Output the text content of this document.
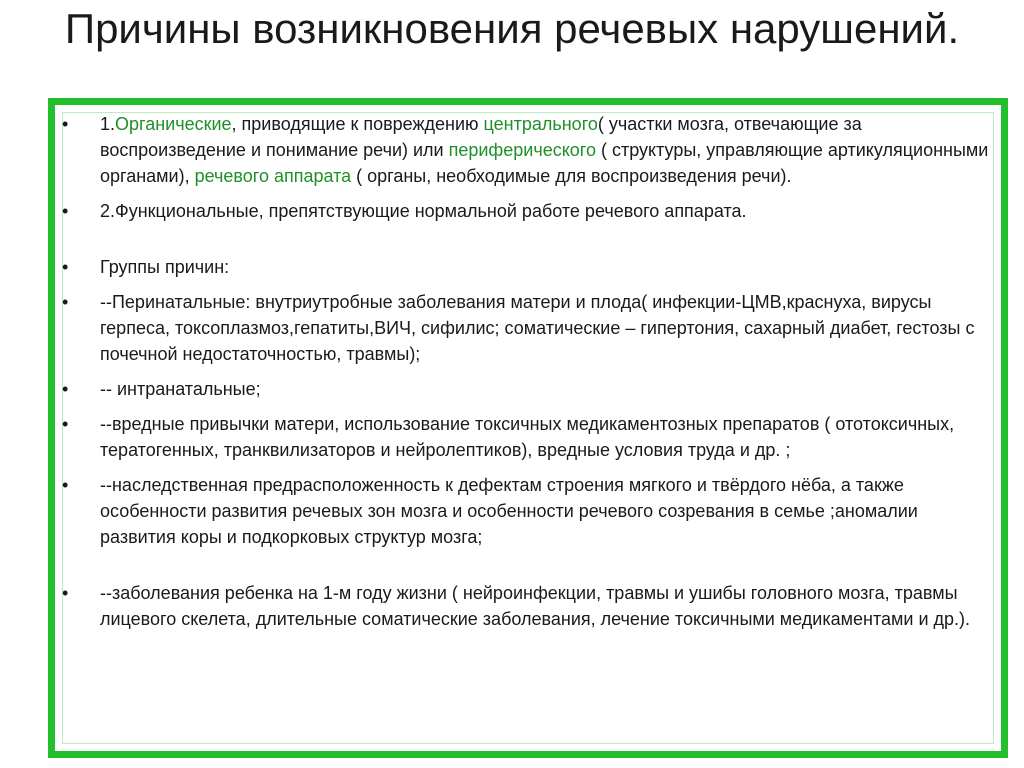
Причины возникновения речевых нарушений.
• 1.Органические, приводящие к повреждению центрального( участки мозга, отвечающие за воспроизведение и понимание речи) или периферического ( структуры, управляющие артикуляционными органами), речевого аппарата ( органы, необходимые для воспроизведения речи).
• 2.Функциональные, препятствующие нормальной работе речевого аппарата.
• Группы причин:
• --Перинатальные: внутриутробные заболевания матери и плода( инфекции-ЦМВ,краснуха, вирусы герпеса, токсоплазмоз,гепатиты,ВИЧ, сифилис; соматические – гипертония, сахарный диабет, гестозы с почечной недостаточностью, травмы);
• -- интранатальные;
• --вредные привычки матери, использование токсичных медикаментозных препаратов ( ототоксичных, тератогенных, транквилизаторов и нейролептиков), вредные условия труда и др. ;
• --наследственная предрасположенность к дефектам строения мягкого и твёрдого нёба, а также особенности развития речевых зон мозга и особенности речевого созревания в семье ;аномалии развития коры и подкорковых структур мозга;
• --заболевания ребенка на 1-м году жизни ( нейроинфекции, травмы и ушибы головного мозга, травмы лицевого скелета, длительные соматические заболевания, лечение токсичными медикаментами и др.).
